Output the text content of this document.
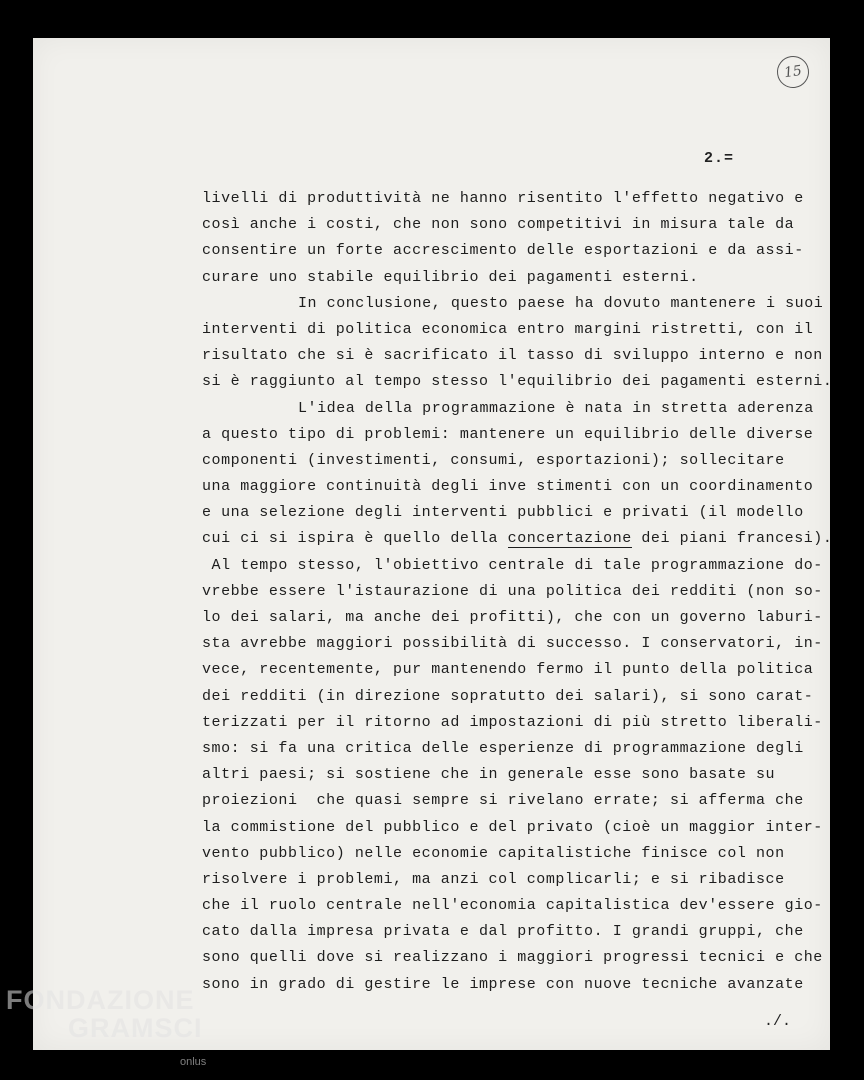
15
2.=
livelli di produttività ne hanno risentito l'effetto negativo e
così anche i costi, che non sono competitivi in misura tale da
consentire un forte accrescimento delle esportazioni e da assi-
curare uno stabile equilibrio dei pagamenti esterni.
In conclusione, questo paese ha dovuto mantenere i suoi
interventi di politica economica entro margini ristretti, con il
risultato che si è sacrificato il tasso di sviluppo interno e non
si è raggiunto al tempo stesso l'equilibrio dei pagamenti esterni.
L'idea della programmazione è nata in stretta aderenza
a questo tipo di problemi: mantenere un equilibrio delle diverse
componenti (investimenti, consumi, esportazioni); sollecitare
una maggiore continuità degli inve stimenti con un coordinamento
e una selezione degli interventi pubblici e privati (il modello
cui ci si ispira è quello della concertazione dei piani francesi).
Al tempo stesso, l'obiettivo centrale di tale programmazione do-
vrebbe essere l'istaurazione di una politica dei redditi (non so-
lo dei salari, ma anche dei profitti), che con un governo laburi-
sta avrebbe maggiori possibilità di successo. I conservatori, in-
vece, recentemente, pur mantenendo fermo il punto della politica
dei redditi (in direzione sopratutto dei salari), si sono carat-
terizzati per il ritorno ad impostazioni di più stretto liberali-
smo: si fa una critica delle esperienze di programmazione degli
altri paesi; si sostiene che in generale esse sono basate su
proiezioni  che quasi sempre si rivelano errate; si afferma che
la commistione del pubblico e del privato (cioè un maggior inter-
vento pubblico) nelle economie capitalistiche finisce col non
risolvere i problemi, ma anzi col complicarli; e si ribadisce
che il ruolo centrale nell'economia capitalistica dev'essere gio-
cato dalla impresa privata e dal profitto. I grandi gruppi, che
sono quelli dove si realizzano i maggiori progressi tecnici e che
sono in grado di gestire le imprese con nuove tecniche avanzate
./.
FONDAZIONE
GRAMSCI
onlus
